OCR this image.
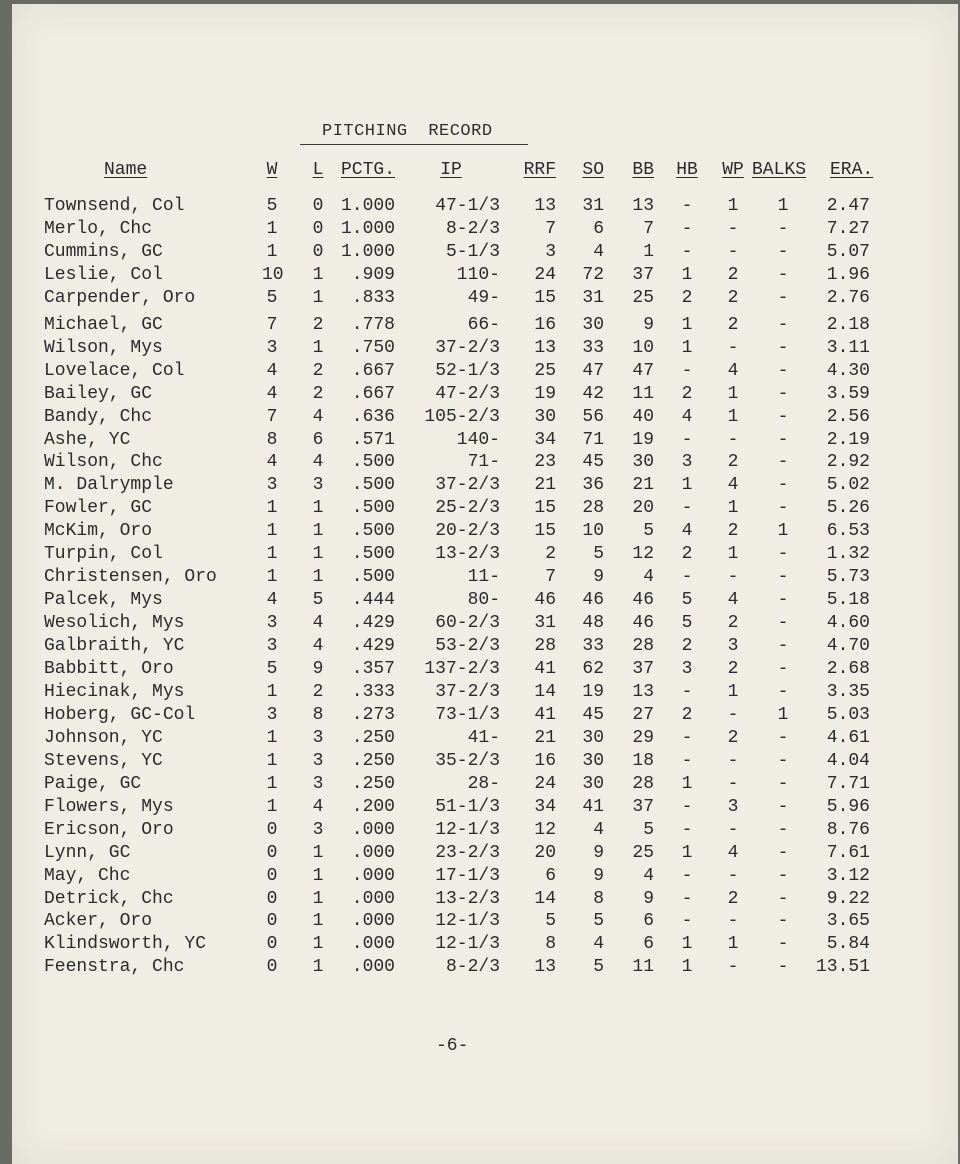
PITCHING RECORD
Name	W L PCTG.	IP	RRF	SO	BB HB WP BALKS ERA.
Townsend, Col	5 0 1.000	47-1/3	13	31	13	-	1	1	2.47
Merlo, Chc	1 0 1.000	8-2/3	7	6	7	-	-	-	7.27
Cummins, GC	1 0 1.000	5-1/3	3	4	1	-	-	-	5.07
Leslie, Col	10 1	.909	110-	24	72	37	1	2	-	1.96
Carpender, Oro	5 1	.833	49-	15	31	25	2	2	-	2.76
Michael, GC	7 2	.778	66-	16	30	9	1	2	-	2.18
Wilson, Mys	3 1	.750	37-2/3	13	33	10	1	-	-	3.11
Lovelace, Col	4 2	.667	52-1/3	25	47	47	-	4	-	4.30
Bailey, GC	4 2	.667	47-2/3	19	42	11	2	1	-	3.59
Bandy, Chc	7 4	.636	105-2/3	30	56	40	4	1	-	2.56
Ashe, YC	8 6	.571	140-	34	71	19	-	-	-	2.19
Wilson, Chc	4 4	.500	71-	23	45	30	3	2	-	2.92
M. Dalrymple	3 3	.500	37-2/3	21	36	21	1	4	-	5.02
Fowler, GC	1 1	.500	25-2/3	15	28	20	-	1	-	5.26
McKim, Oro	1 1	.500	20-2/3	15	10	5	4	2	1	6.53
Turpin, Col	1 1	.500	13-2/3	2	5	12	2	1	-	1.32
Christensen, Oro	1 1	.500	11-	7	9	4	-	-	-	5.73
Palcek, Mys	4 5	.444	80-	46	46	46	5	4	-	5.18
Wesolich, Mys	3 4	.429	60-2/3	31	48	46	5	2	-	4.60
Galbraith, YC	3 4	.429	53-2/3	28	33	28	2	3	-	4.70
Babbitt, Oro	5 9	.357	137-2/3	41	62	37	3	2	-	2.68
Hiecinak, Mys	1 2	.333	37-2/3	14	19	13	-	1	-	3.35
Hoberg, GC-Col	3 8	.273	73-1/3	41	45	27	2	-	1	5.03
Johnson, YC	1 3	.250	41-	21	30	29	-	2	-	4.61
Stevens, YC	1 3	.250	35-2/3	16	30	18	-	-	-	4.04
Paige, GC	1 3	.250	28-	24	30	28	1	-	-	7.71
Flowers, Mys	1 4	.200	51-1/3	34	41	37	-	3	-	5.96
Ericson, Oro	0 3	.000	12-1/3	12	4	5	-	-	-	8.76
Lynn, GC	0 1	.000	23-2/3	20	9	25	1	4	-	7.61
May, Chc	0 1	.000	17-1/3	6	9	4	-	-	-	3.12
Detrick, Chc	0 1	.000	13-2/3	14	8	9	-	2	-	9.22
Acker, Oro	0 1	.000	12-1/3	5	5	6	-	-	-	3.65
Klindsworth, YC	0 1	.000	12-1/3	8	4	6	1	1	-	5.84
Feenstra, Chc	0 1	.000	8-2/3	13	5	11	1	-	-	13.51
-6-
